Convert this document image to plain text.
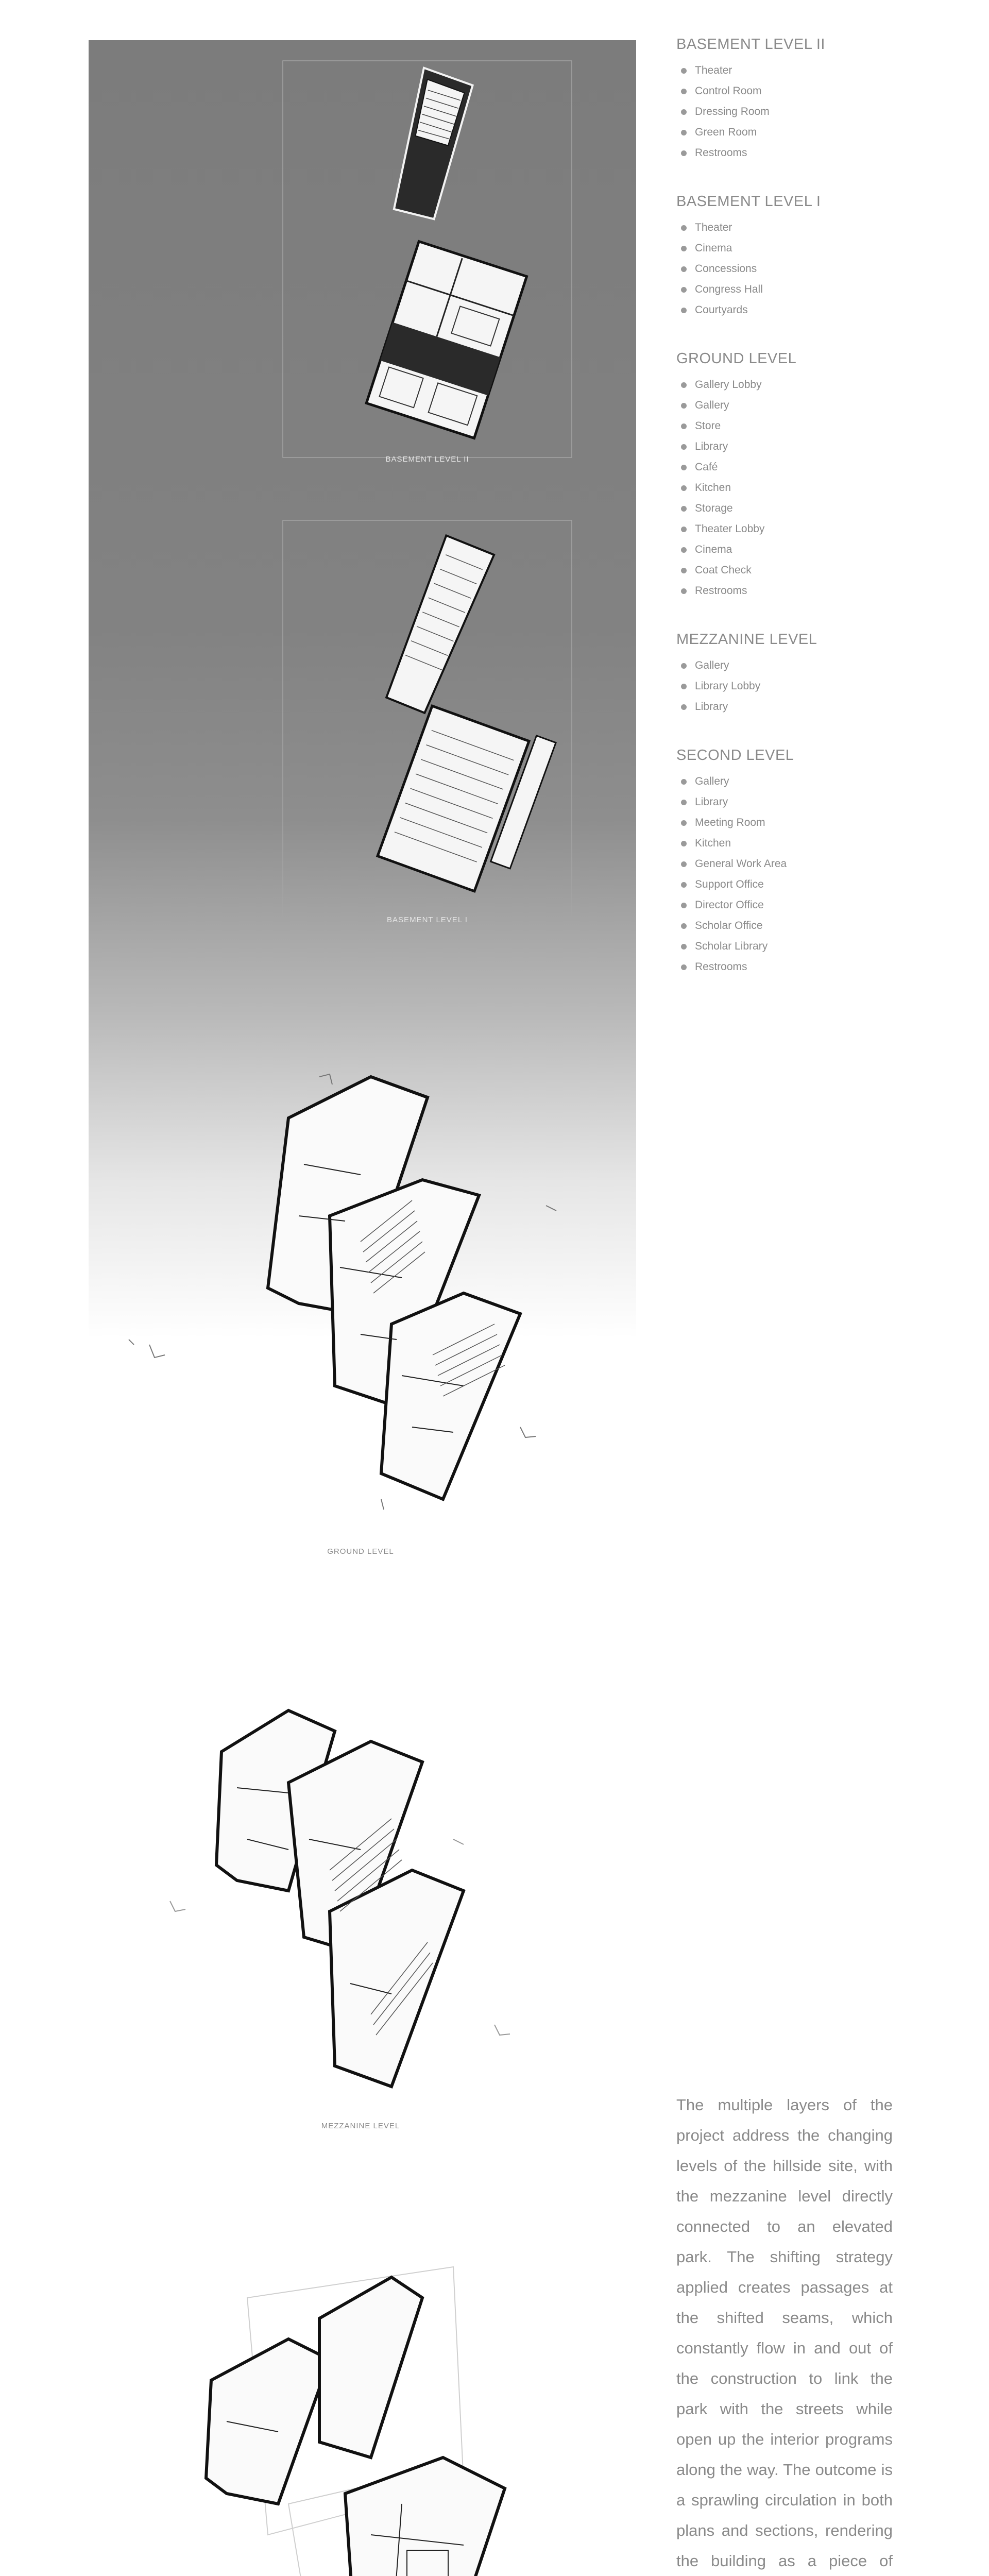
BASEMENT LEVEL II
BASEMENT LEVEL I
BASEMENT LEVEL II
Theater
Control Room
Dressing Room
Green Room
Restrooms
BASEMENT LEVEL I
Theater
Cinema
Concessions
Congress Hall
Courtyards
GROUND LEVEL
Gallery Lobby
Gallery
Store
Library
Café
Kitchen
Storage
Theater Lobby
Cinema
Coat Check
Restrooms
MEZZANINE LEVEL
Gallery
Library Lobby
Library
SECOND LEVEL
Gallery
Library
Meeting Room
Kitchen
General Work Area
Support Office
Director Office
Scholar Office
Scholar Library
Restrooms
GROUND LEVEL
MEZZANINE LEVEL

The multiple layers of the project address the changing levels of the hillside site, with the mezzanine level directly connected to an elevated park. The shifting strategy applied creates passages at the shifted seams, which constantly flow in and out of the construction to link the park with the streets while open up the interior programs along the way. The outcome is a sprawling circulation in both plans and sections, rendering the building as a piece of
